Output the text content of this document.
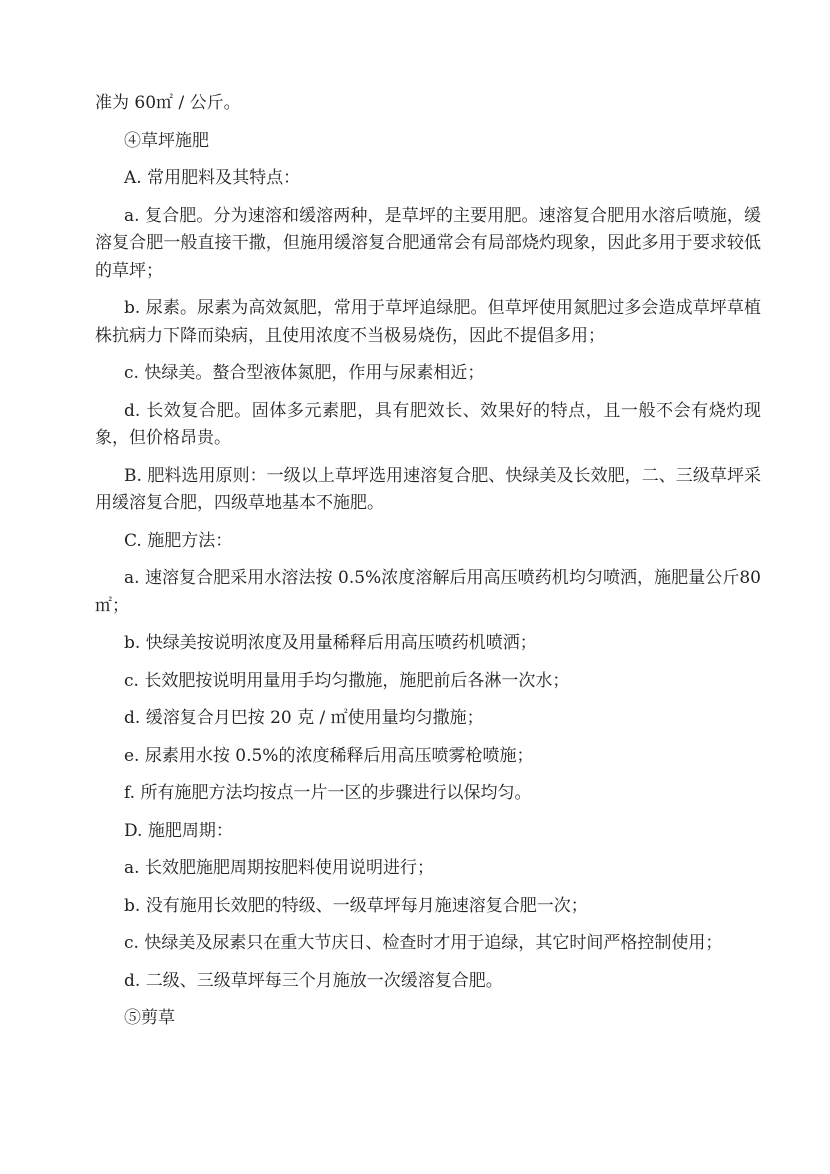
准为 60㎡ / 公斤。

④草坪施肥

A. 常用肥料及其特点：

a. 复合肥。分为速溶和缓溶两种，是草坪的主要用肥。速溶复合肥用水溶后喷施，缓溶复合肥一般直接干撒，但施用缓溶复合肥通常会有局部烧灼现象，因此多用于要求较低的草坪；

b. 尿素。尿素为高效氮肥，常用于草坪追绿肥。但草坪使用氮肥过多会造成草坪草植株抗病力下降而染病，且使用浓度不当极易烧伤，因此不提倡多用；

c. 快绿美。螯合型液体氮肥，作用与尿素相近；

d. 长效复合肥。固体多元素肥，具有肥效长、效果好的特点，且一般不会有烧灼现象，但价格昂贵。

B. 肥料选用原则：一级以上草坪选用速溶复合肥、快绿美及长效肥，二、三级草坪采用缓溶复合肥，四级草地基本不施肥。

C. 施肥方法：

a. 速溶复合肥采用水溶法按 0.5%浓度溶解后用高压喷药机均匀喷洒，施肥量公斤80㎡；

b. 快绿美按说明浓度及用量稀释后用高压喷药机喷洒；

c. 长效肥按说明用量用手均匀撒施，施肥前后各淋一次水；

d. 缓溶复合月巴按 20 克 / ㎡使用量均匀撒施；

e. 尿素用水按 0.5%的浓度稀释后用高压喷雾枪喷施；

f. 所有施肥方法均按点一片一区的步骤进行以保均匀。

D. 施肥周期：

a. 长效肥施肥周期按肥料使用说明进行；

b. 没有施用长效肥的特级、一级草坪每月施速溶复合肥一次；

c. 快绿美及尿素只在重大节庆日、检查时才用于追绿，其它时间严格控制使用；

d. 二级、三级草坪每三个月施放一次缓溶复合肥。

⑤剪草
